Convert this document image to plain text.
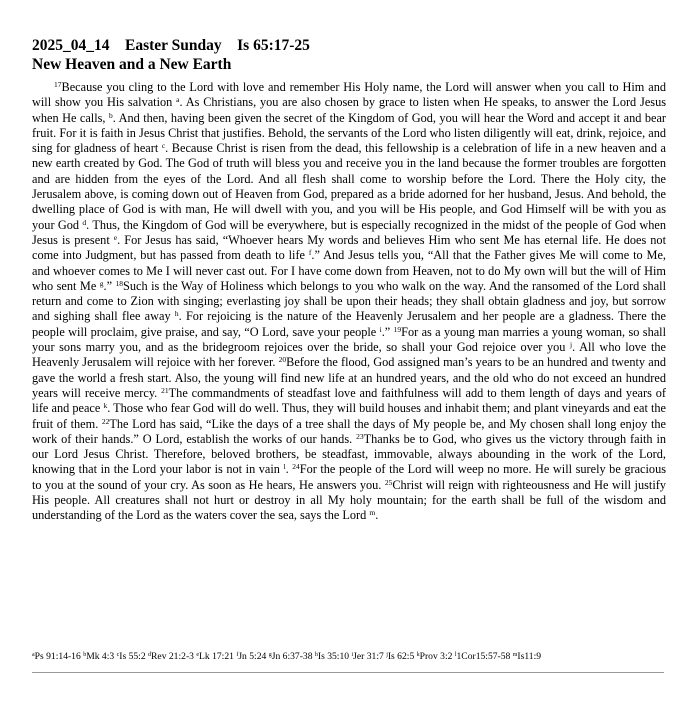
2025_04_14 Easter Sunday Is 65:17-25
New Heaven and a New Earth
$^{17}$Because you cling to the Lord with love and remember His Holy name, the Lord will answer when you call to Him and will show you His salvation $^a$. As Christians, you are also chosen by grace to listen when He speaks, to answer the Lord Jesus when He calls, $^b$. And then, having been given the secret of the Kingdom of God, you will hear the Word and accept it and bear fruit. For it is faith in Jesus Christ that justifies. Behold, the servants of the Lord who listen diligently will eat, drink, rejoice, and sing for gladness of heart $^c$. Because Christ is risen from the dead, this fellowship is a celebration of life in a new heaven and a new earth created by God. The God of truth will bless you and receive you in the land because the former troubles are forgotten and are hidden from the eyes of the Lord. And all flesh shall come to worship before the Lord. There the Holy city, the Jerusalem above, is coming down out of Heaven from God, prepared as a bride adorned for her husband, Jesus. And behold, the dwelling place of God is with man, He will dwell with you, and you will be His people, and God Himself will be with you as your God $^d$. Thus, the Kingdom of God will be everywhere, but is especially recognized in the midst of the people of God when Jesus is present $^e$. For Jesus has said, “Whoever hears My words and believes Him who sent Me has eternal life. He does not come into Judgment, but has passed from death to life $^f$.” And Jesus tells you, “All that the Father gives Me will come to Me, and whoever comes to Me I will never cast out. For I have come down from Heaven, not to do My own will but the will of Him who sent Me $^g$.” $^{18}$Such is the Way of Holiness which belongs to you who walk on the way. And the ransomed of the Lord shall return and come to Zion with singing; everlasting joy shall be upon their heads; they shall obtain gladness and joy, but sorrow and sighing shall flee away $^h$. For rejoicing is the nature of the Heavenly Jerusalem and her people are a gladness. There the people will proclaim, give praise, and say, “O Lord, save your people $^i$.” $^{19}$For as a young man marries a young woman, so shall your sons marry you, and as the bridegroom rejoices over the bride, so shall your God rejoice over you $^j$. All who love the Heavenly Jerusalem will rejoice with her forever. $^{20}$Before the flood, God assigned man’s years to be an hundred and twenty and gave the world a fresh start. Also, the young will find new life at an hundred years, and the old who do not exceed an hundred years will receive mercy. $^{21}$The commandments of steadfast love and faithfulness will add to them length of days and years of life and peace $^k$. Those who fear God will do well. Thus, they will build houses and inhabit them; and plant vineyards and eat the fruit of them. $^{22}$The Lord has said, “Like the days of a tree shall the days of My people be, and My chosen shall long enjoy the work of their hands.” O Lord, establish the works of our hands. $^{23}$Thanks be to God, who gives us the victory through faith in our Lord Jesus Christ. Therefore, beloved brothers, be steadfast, immovable, always abounding in the work of the Lord, knowing that in the Lord your labor is not in vain $^l$. $^{24}$For the people of the Lord will weep no more. He will surely be gracious to you at the sound of your cry. As soon as He hears, He answers you. $^{25}$Christ will reign with righteousness and He will justify His people. All creatures shall not hurt or destroy in all My holy mountain; for the earth shall be full of the wisdom and understanding of the Lord as the waters cover the sea, says the Lord $^m$.
$^a$Ps 91:14-16 $^b$Mk 4:3 $^c$Is 55:2 $^d$Rev 21:2-3 $^e$Lk 17:21 $^f$Jn 5:24 $^g$Jn 6:37-38 $^h$Is 35:10 $^i$Jer 31:7 $^j$Is 62:5 $^k$Prov 3:2 $^l$1Cor15:57-58 $^m$Is11:9
